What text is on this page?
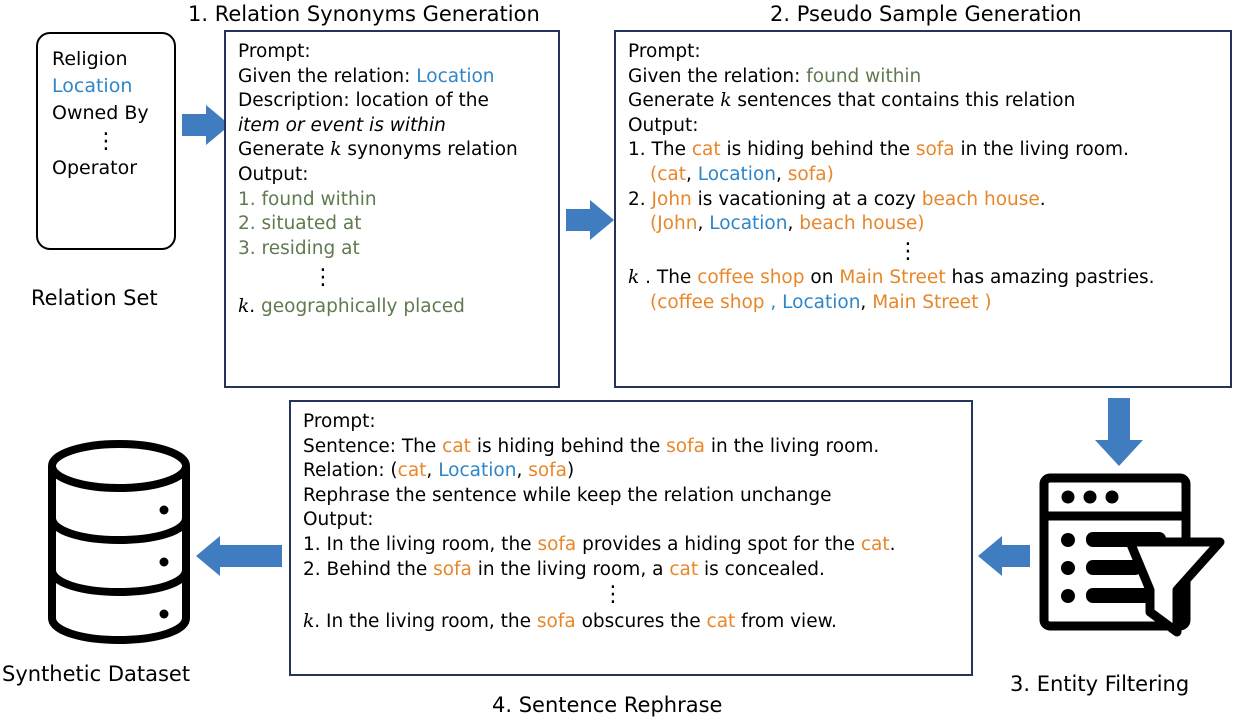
1. Relation Synonyms Generation	2. Pseudo Sample Generation
3. Entity Filtering
4. Sentence Rephrase
Religion
Location
Owned By
⋮
Operator
Relation Set
Prompt:
Given the relation: Location
Description: location of the
item or event is within
Generate k synonyms relation
Output:
1. found within
2. situated at
3. residing at
⋮
k. geographically placed
Prompt:
Given the relation: found within
Generate k sentences that contains this relation
Output:
1. The cat is hiding behind the sofa in the living room.
(cat, Location, sofa)
2. John is vacationing at a cozy beach house.
(John, Location, beach house)
⋮
k . The coffee shop on Main Street has amazing pastries.
(coffee shop , Location, Main Street )
Prompt:
Sentence: The cat is hiding behind the sofa in the living room.
Relation: (cat, Location, sofa)
Rephrase the sentence while keep the relation unchange
Output:
1. In the living room, the sofa provides a hiding spot for the cat.
2. Behind the sofa in the living room, a cat is concealed.
⋮
k. In the living room, the sofa obscures the cat from view.
Synthetic Dataset
